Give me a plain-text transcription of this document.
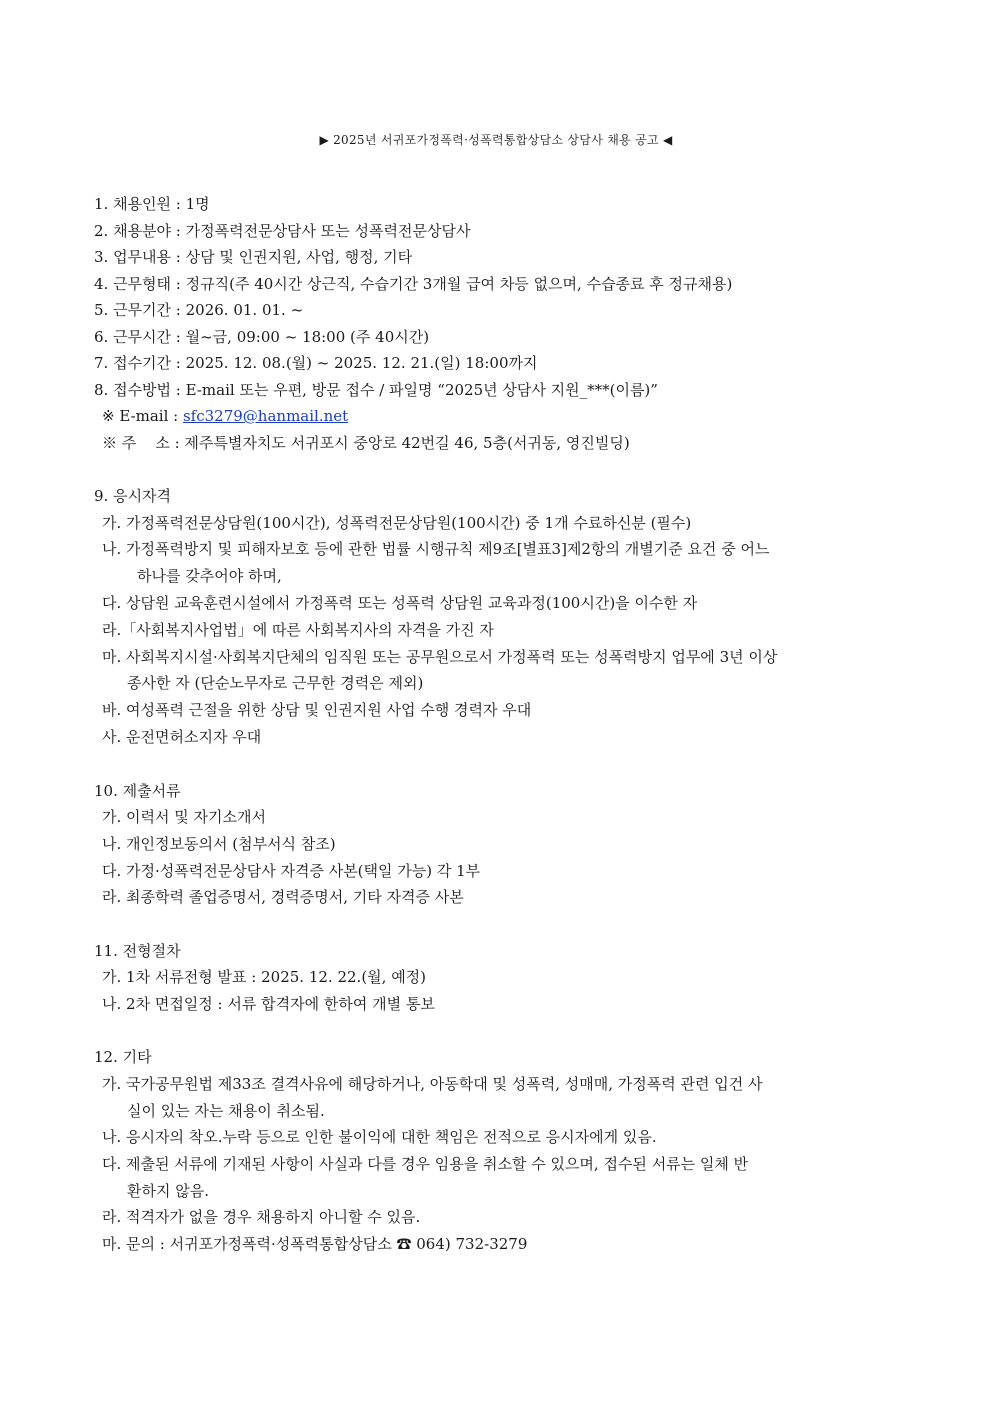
▶ 2025년 서귀포가정폭력·성폭력통합상담소 상담사 채용 공고 ◀
1. 채용인원 : 1명
2. 채용분야 : 가정폭력전문상담사 또는 성폭력전문상담사
3. 업무내용 : 상담 및 인권지원, 사업, 행정, 기타
4. 근무형태 : 정규직(주 40시간 상근직, 수습기간 3개월 급여 차등 없으며, 수습종료 후 정규채용)
5. 근무기간 : 2026. 01. 01. ~
6. 근무시간 : 월~금, 09:00 ~ 18:00 (주 40시간)
7. 접수기간 : 2025. 12. 08.(월) ~ 2025. 12. 21.(일) 18:00까지
8. 접수방법 : E-mail 또는 우편, 방문 접수 / 파일명 “2025년 상담사 지원_***(이름)”
※ E-mail : sfc3279@hanmail.net
※ 주    소 : 제주특별자치도 서귀포시 중앙로 42번길 46, 5층(서귀동, 영진빌딩)
9. 응시자격
가. 가정폭력전문상담원(100시간), 성폭력전문상담원(100시간) 중 1개 수료하신분 (필수)
나. 가정폭력방지 및 피해자보호 등에 관한 법률 시행규칙 제9조[별표3]제2항의 개별기준 요건 중 어느
하나를 갖추어야 하며,
다. 상담원 교육훈련시설에서 가정폭력 또는 성폭력 상담원 교육과정(100시간)을 이수한 자
라.「사회복지사업법」에 따른 사회복지사의 자격을 가진 자
마. 사회복지시설·사회복지단체의 임직원 또는 공무원으로서 가정폭력 또는 성폭력방지 업무에 3년 이상
종사한 자 (단순노무자로 근무한 경력은 제외)
바. 여성폭력 근절을 위한 상담 및 인권지원 사업 수행 경력자 우대
사. 운전면허소지자 우대
10. 제출서류
가. 이력서 및 자기소개서
나. 개인정보동의서 (첨부서식 참조)
다. 가정·성폭력전문상담사 자격증 사본(택일 가능) 각 1부
라. 최종학력 졸업증명서, 경력증명서, 기타 자격증 사본
11. 전형절차
가. 1차 서류전형 발표 : 2025. 12. 22.(월, 예정)
나. 2차 면접일정 : 서류 합격자에 한하여 개별 통보
12. 기타
가. 국가공무원법 제33조 결격사유에 해당하거나, 아동학대 및 성폭력, 성매매, 가정폭력 관련 입건 사
실이 있는 자는 채용이 취소됨.
나. 응시자의 착오.누락 등으로 인한 불이익에 대한 책임은 전적으로 응시자에게 있음.
다. 제출된 서류에 기재된 사항이 사실과 다를 경우 임용을 취소할 수 있으며, 접수된 서류는 일체 반
환하지 않음.
라. 적격자가 없을 경우 채용하지 아니할 수 있음.
마. 문의 : 서귀포가정폭력·성폭력통합상담소 ☎ 064) 732-3279
